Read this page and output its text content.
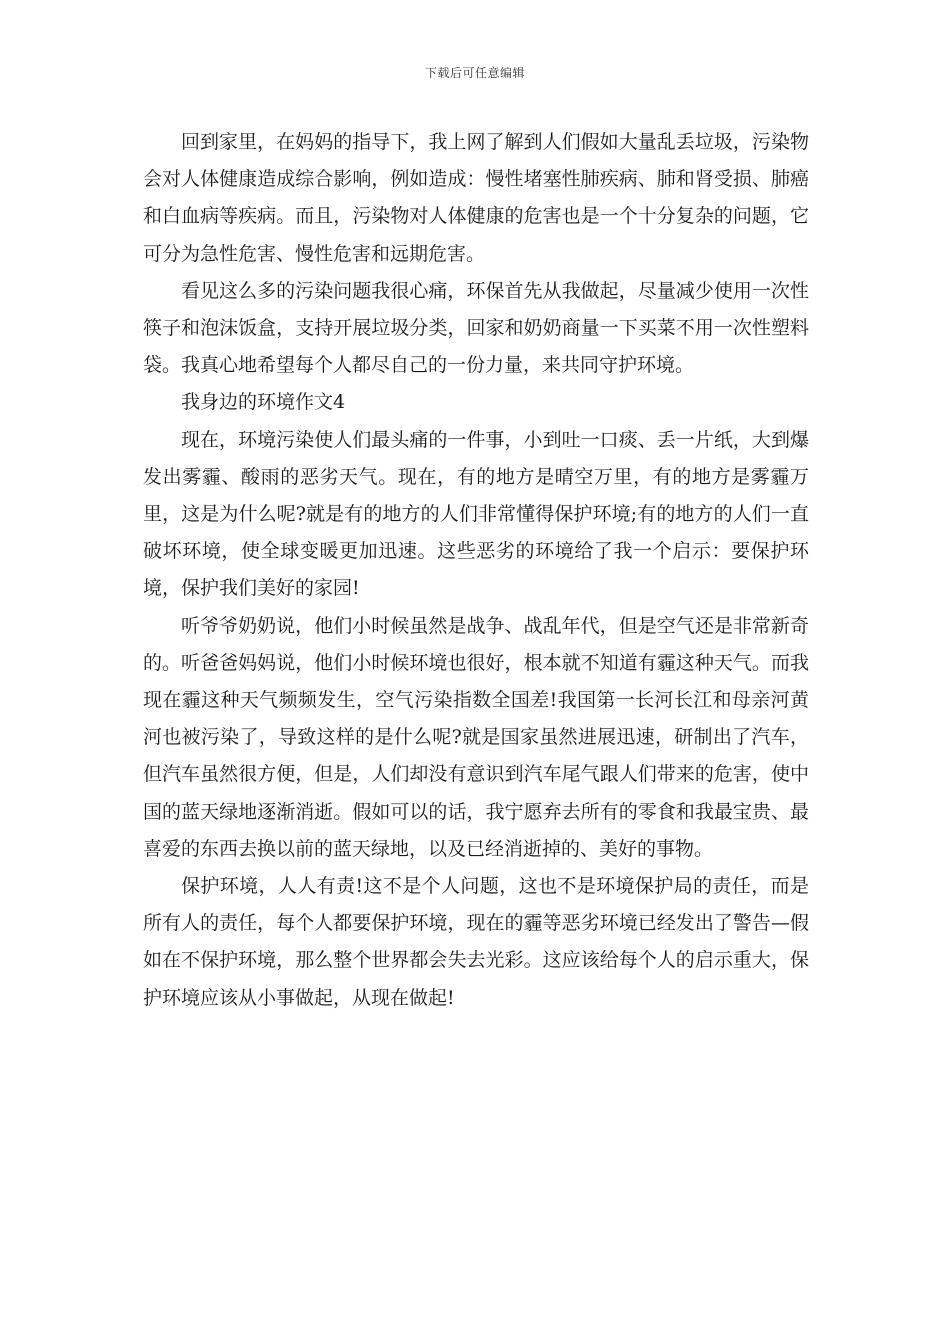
下载后可任意编辑

回到家里，在妈妈的指导下，我上网了解到人们假如大量乱丢垃圾，污染物会对人体健康造成综合影响，例如造成：慢性堵塞性肺疾病、肺和肾受损、肺癌和白血病等疾病。而且，污染物对人体健康的危害也是一个十分复杂的问题，它可分为急性危害、慢性危害和远期危害。

看见这么多的污染问题我很心痛，环保首先从我做起，尽量减少使用一次性筷子和泡沫饭盒，支持开展垃圾分类，回家和奶奶商量一下买菜不用一次性塑料袋。我真心地希望每个人都尽自己的一份力量，来共同守护环境。

我身边的环境作文4

现在，环境污染使人们最头痛的一件事，小到吐一口痰、丢一片纸，大到爆发出雾霾、酸雨的恶劣天气。现在，有的地方是晴空万里，有的地方是雾霾万里，这是为什么呢?就是有的地方的人们非常懂得保护环境;有的地方的人们一直破坏环境，使全球变暖更加迅速。这些恶劣的环境给了我一个启示：要保护环境，保护我们美好的家园!

听爷爷奶奶说，他们小时候虽然是战争、战乱年代，但是空气还是非常新奇的。听爸爸妈妈说，他们小时候环境也很好，根本就不知道有霾这种天气。而我现在霾这种天气频频发生，空气污染指数全国差!我国第一长河长江和母亲河黄河也被污染了，导致这样的是什么呢?就是国家虽然进展迅速，研制出了汽车，但汽车虽然很方便，但是，人们却没有意识到汽车尾气跟人们带来的危害，使中国的蓝天绿地逐渐消逝。假如可以的话，我宁愿弃去所有的零食和我最宝贵、最喜爱的东西去换以前的蓝天绿地，以及已经消逝掉的、美好的事物。

保护环境，人人有责!这不是个人问题，这也不是环境保护局的责任，而是所有人的责任，每个人都要保护环境，现在的霾等恶劣环境已经发出了警告—假如在不保护环境，那么整个世界都会失去光彩。这应该给每个人的启示重大，保护环境应该从小事做起，从现在做起!
